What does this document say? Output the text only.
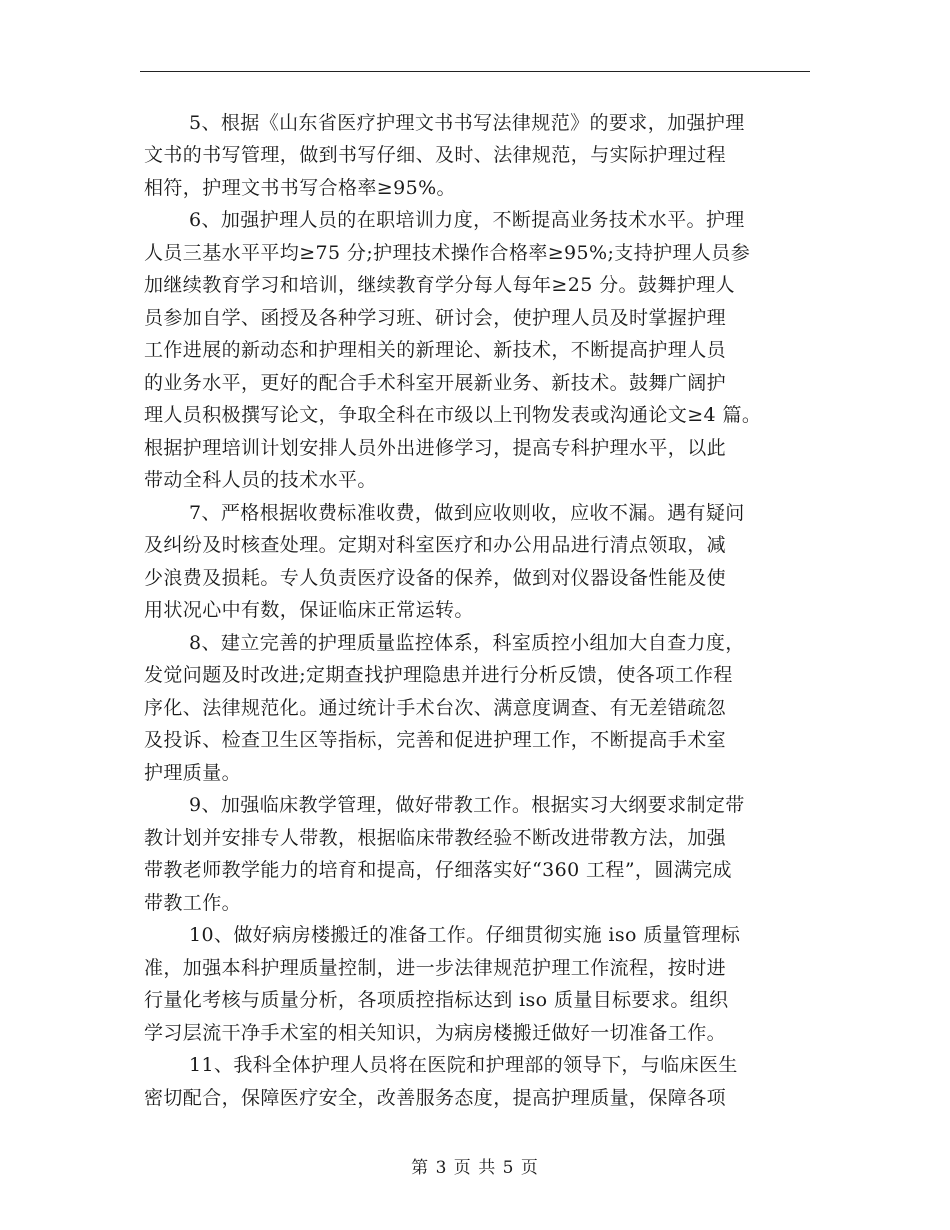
5、根据《山东省医疗护理文书书写法律规范》的要求，加强护理
文书的书写管理，做到书写仔细、及时、法律规范，与实际护理过程
相符，护理文书书写合格率≥95%。
6、加强护理人员的在职培训力度，不断提高业务技术水平。护理
人员三基水平平均≥75 分;护理技术操作合格率≥95%;支持护理人员参
加继续教育学习和培训，继续教育学分每人每年≥25 分。鼓舞护理人
员参加自学、函授及各种学习班、研讨会，使护理人员及时掌握护理
工作进展的新动态和护理相关的新理论、新技术，不断提高护理人员
的业务水平，更好的配合手术科室开展新业务、新技术。鼓舞广阔护
理人员积极撰写论文，争取全科在市级以上刊物发表或沟通论文≥4 篇。
根据护理培训计划安排人员外出进修学习，提高专科护理水平，以此
带动全科人员的技术水平。
7、严格根据收费标准收费，做到应收则收，应收不漏。遇有疑问
及纠纷及时核查处理。定期对科室医疗和办公用品进行清点领取，减
少浪费及损耗。专人负责医疗设备的保养，做到对仪器设备性能及使
用状况心中有数，保证临床正常运转。
8、建立完善的护理质量监控体系，科室质控小组加大自查力度，
发觉问题及时改进;定期查找护理隐患并进行分析反馈，使各项工作程
序化、法律规范化。通过统计手术台次、满意度调查、有无差错疏忽
及投诉、检查卫生区等指标，完善和促进护理工作，不断提高手术室
护理质量。
9、加强临床教学管理，做好带教工作。根据实习大纲要求制定带
教计划并安排专人带教，根据临床带教经验不断改进带教方法，加强
带教老师教学能力的培育和提高，仔细落实好“360 工程”，圆满完成
带教工作。
10、做好病房楼搬迁的准备工作。仔细贯彻实施 iso 质量管理标
准，加强本科护理质量控制，进一步法律规范护理工作流程，按时进
行量化考核与质量分析，各项质控指标达到 iso 质量目标要求。组织
学习层流干净手术室的相关知识，为病房楼搬迁做好一切准备工作。
11、我科全体护理人员将在医院和护理部的领导下，与临床医生
密切配合，保障医疗安全，改善服务态度，提高护理质量，保障各项
第 3 页 共 5 页
